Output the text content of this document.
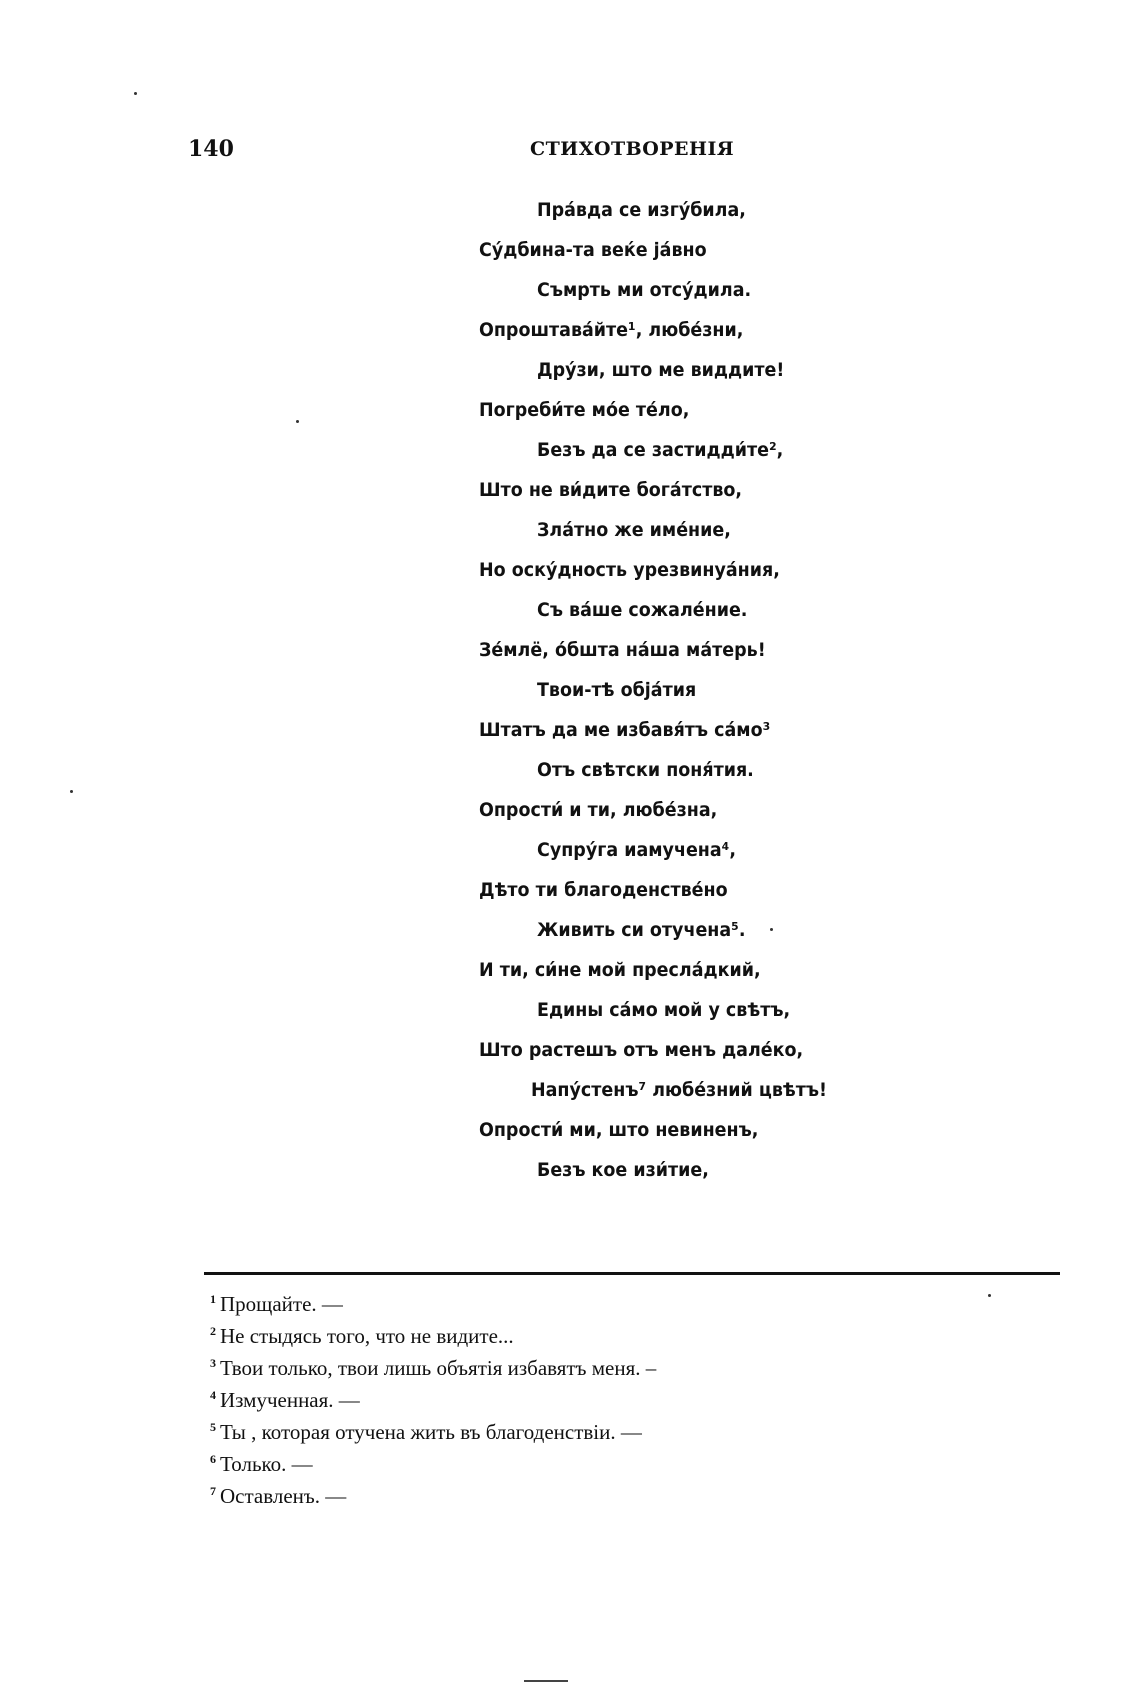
140	СТИХОТВОРЕНІЯ
Пра́вда се изгу́била,
Су́дбина-та веќе ја́вно
Съмрть ми отсу́дила.
Опроштава́йте¹, любе́зни,
Дру́зи, што ме виддите!
Погреби́те мо́е те́ло,
Безъ да се застидди́те²,
Што не ви́дите бога́тство,
Зла́тно же име́ние,
Но оску́дность урезвинуа́ния,
Съ ва́ше сожале́ние.
Зе́млё, о́бшта на́ша ма́терь!
Твои-тѣ обја́тия
Штатъ да ме избавя́тъ са́мо³
Отъ свѣтски поня́тия.
Опрости́ и ти, любе́зна,
Супру́га иамучена⁴,
Дѣто ти благоденстве́но
Живить си отучена⁵.
И ти, си́не мой пресла́дкий,
Едины са́мо мой у свѣтъ,
Што растешъ отъ менъ дале́ко,
Напу́стенъ⁷ любе́зний цвѣтъ!
Опрости́ ми, што невиненъ,
Безъ кое изи́тие,
$^1$ Прощайте. —
$^2$ Не стыдясь того, что не видите...
$^3$ Твои только, твои лишь объятія избавятъ меня. –
$^4$ Измученная. —
$^5$ Ты , которая отучена жить въ благоденствіи. —
$^6$ Только. —
$^7$ Оставленъ. —
